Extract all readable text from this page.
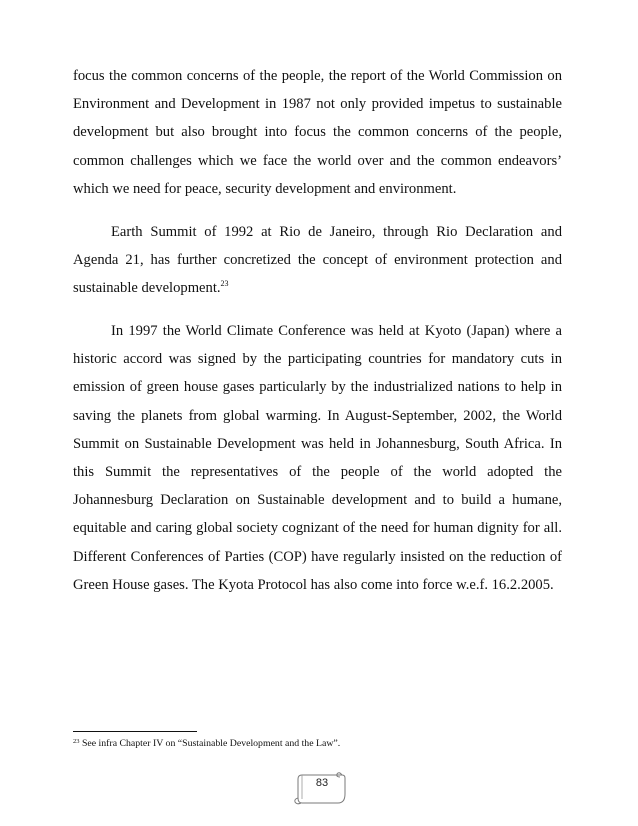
focus the common concerns of the people, the report of the World Commission on Environment and Development in 1987 not only provided impetus to sustainable development but also brought into focus the common concerns of the people, common challenges which we face the world over and the common endeavors’ which we need for peace, security development and environment.

Earth Summit of 1992 at Rio de Janeiro, through Rio Declaration and Agenda 21, has further concretized the concept of environment protection and sustainable development.$^{23}$

In 1997 the World Climate Conference was held at Kyoto (Japan) where a historic accord was signed by the participating countries for mandatory cuts in emission of green house gases particularly by the industrialized nations to help in saving the planets from global warming. In August-September, 2002, the World Summit on Sustainable Development was held in Johannesburg, South Africa. In this Summit the representatives of the people of the world adopted the Johannesburg Declaration on Sustainable development and to build a humane, equitable and caring global society cognizant of the need for human dignity for all. Different Conferences of Parties (COP) have regularly insisted on the reduction of Green House gases. The Kyota Protocol has also come into force w.e.f. 16.2.2005.

$^{23}$ See infra Chapter IV on “Sustainable Development and the Law”.

83
